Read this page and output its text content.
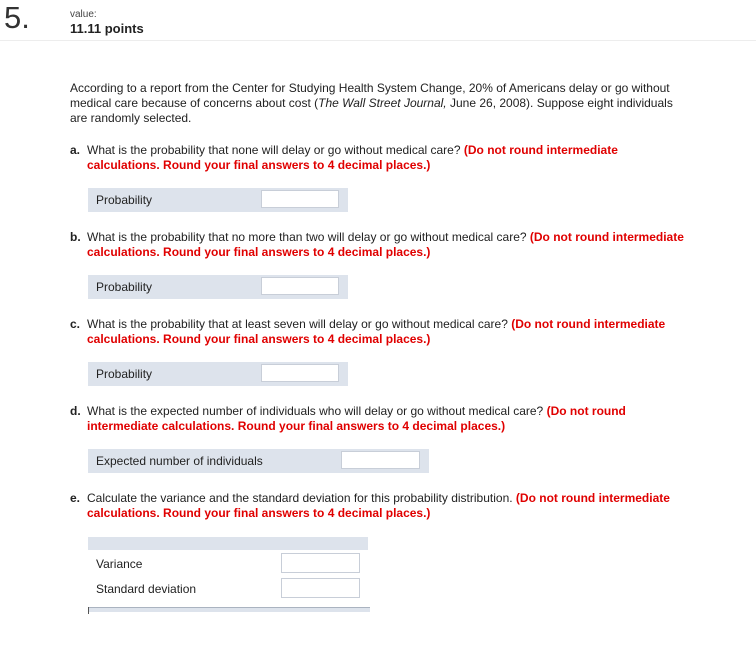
5.	value:
11.11 points

According to a report from the Center for Studying Health System Change, 20% of Americans delay or go without medical care because of concerns about cost (The Wall Street Journal, June 26, 2008). Suppose eight individuals are randomly selected.

a. What is the probability that none will delay or go without medical care? (Do not round intermediate calculations. Round your final answers to 4 decimal places.)
Probability
b. What is the probability that no more than two will delay or go without medical care? (Do not round intermediate calculations. Round your final answers to 4 decimal places.)
Probability
c. What is the probability that at least seven will delay or go without medical care? (Do not round intermediate calculations. Round your final answers to 4 decimal places.)
Probability
d. What is the expected number of individuals who will delay or go without medical care? (Do not round intermediate calculations. Round your final answers to 4 decimal places.)
Expected number of individuals
e. Calculate the variance and the standard deviation for this probability distribution. (Do not round intermediate calculations. Round your final answers to 4 decimal places.)
Variance
Standard deviation
